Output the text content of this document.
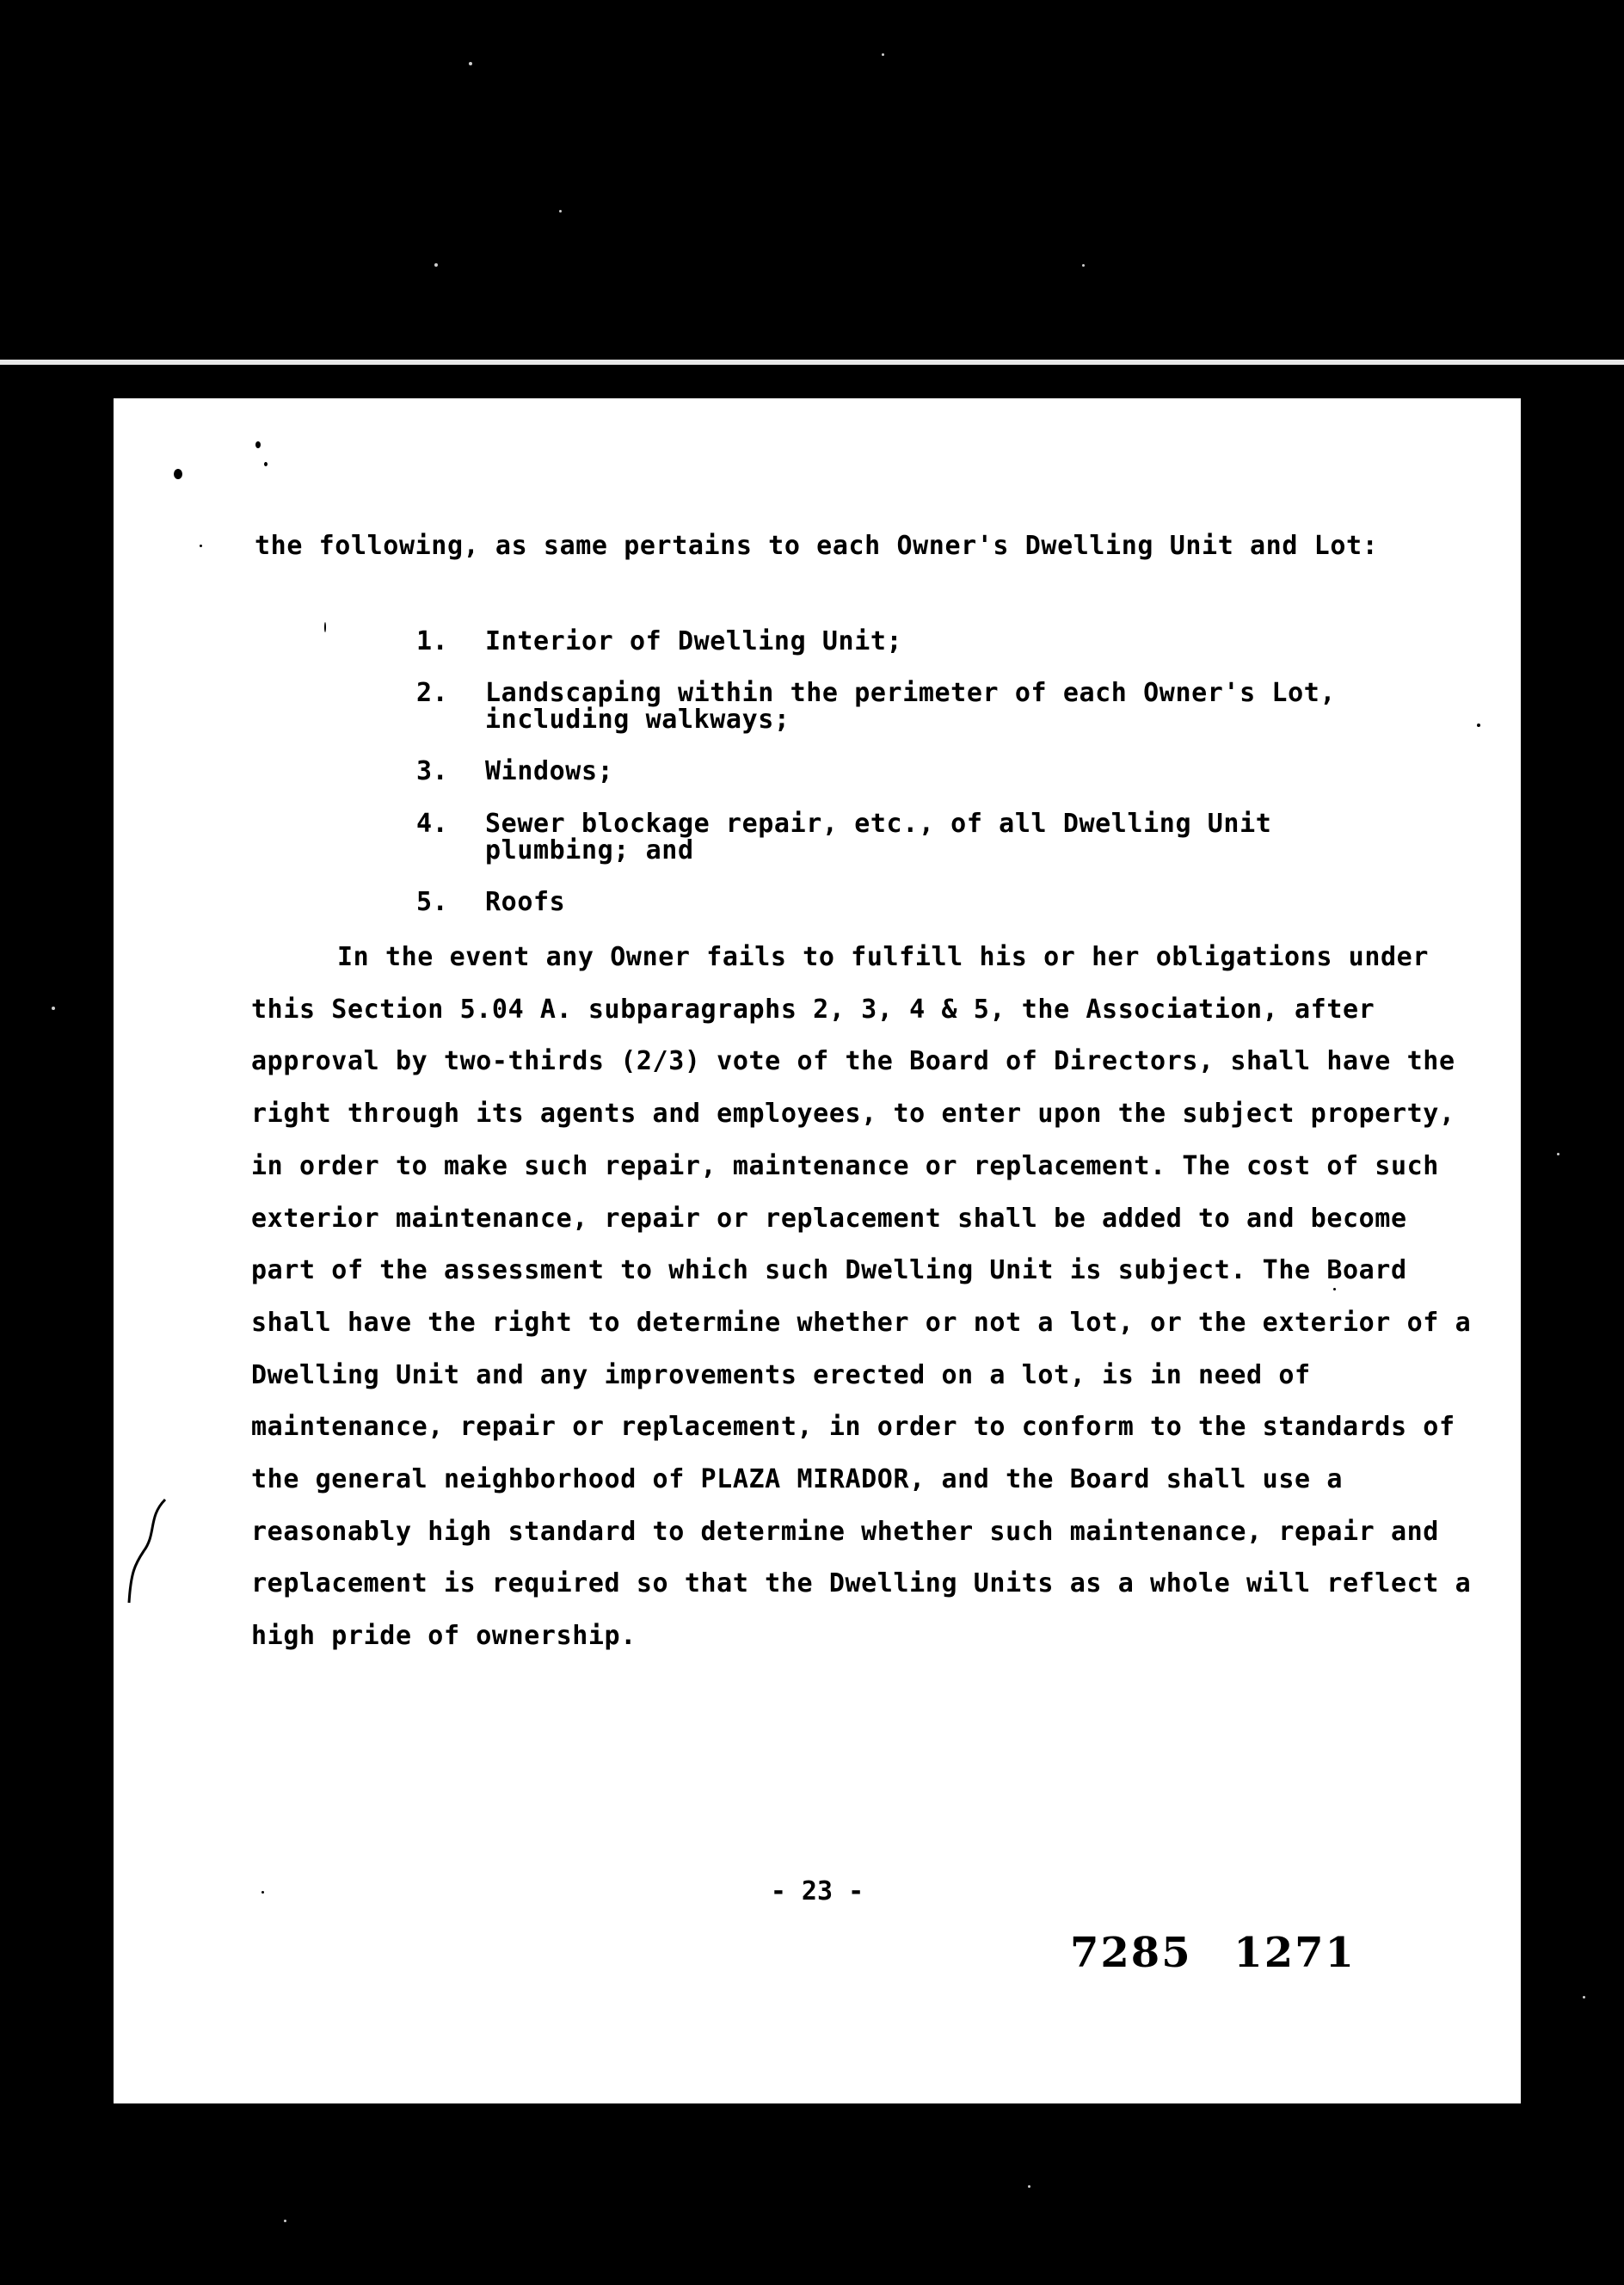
the following, as same pertains to each Owner's Dwelling Unit and Lot:

1. Interior of Dwelling Unit;
2. Landscaping within the perimeter of each Owner's Lot, including walkways;
3. Windows;
4. Sewer blockage repair, etc., of all Dwelling Unit plumbing; and
5. Roofs

In the event any Owner fails to fulfill his or her obligations under this Section 5.04 A. subparagraphs 2, 3, 4 & 5, the Association, after approval by two-thirds (2/3) vote of the Board of Directors, shall have the right through its agents and employees, to enter upon the subject property, in order to make such repair, maintenance or replacement. The cost of such exterior maintenance, repair or replacement shall be added to and become part of the assessment to which such Dwelling Unit is subject. The Board shall have the right to determine whether or not a lot, or the exterior of a Dwelling Unit and any improvements erected on a lot, is in need of maintenance, repair or replacement, in order to conform to the standards of the general neighborhood of PLAZA MIRADOR, and the Board shall use a reasonably high standard to determine whether such maintenance, repair and replacement is required so that the Dwelling Units as a whole will reflect a high pride of ownership.

- 23 -
7285 1271
